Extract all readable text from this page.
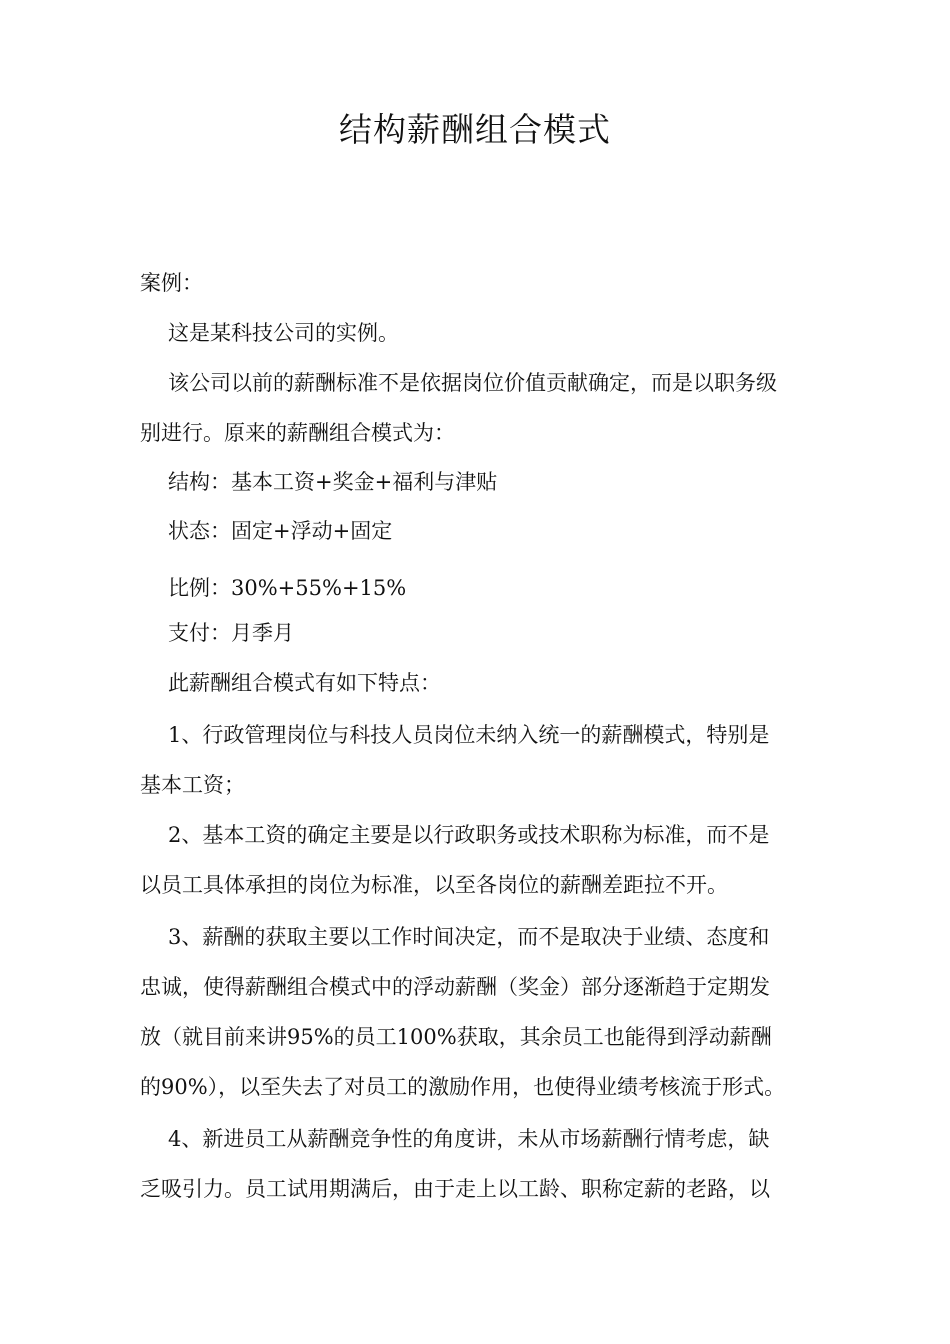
结构薪酬组合模式
案例：
这是某科技公司的实例。
该公司以前的薪酬标准不是依据岗位价值贡献确定，而是以职务级
别进行。原来的薪酬组合模式为：
结构：基本工资+奖金+福利与津贴
状态：固定+浮动+固定
比例：30%+55%+15%
支付：月季月
此薪酬组合模式有如下特点：
1、行政管理岗位与科技人员岗位未纳入统一的薪酬模式，特别是
基本工资；
2、基本工资的确定主要是以行政职务或技术职称为标准，而不是
以员工具体承担的岗位为标准，以至各岗位的薪酬差距拉不开。
3、薪酬的获取主要以工作时间决定，而不是取决于业绩、态度和
忠诚，使得薪酬组合模式中的浮动薪酬（奖金）部分逐渐趋于定期发
放（就目前来讲95%的员工100%获取，其余员工也能得到浮动薪酬
的90%），以至失去了对员工的激励作用，也使得业绩考核流于形式。
4、新进员工从薪酬竞争性的角度讲，未从市场薪酬行情考虑，缺
乏吸引力。员工试用期满后，由于走上以工龄、职称定薪的老路，以
